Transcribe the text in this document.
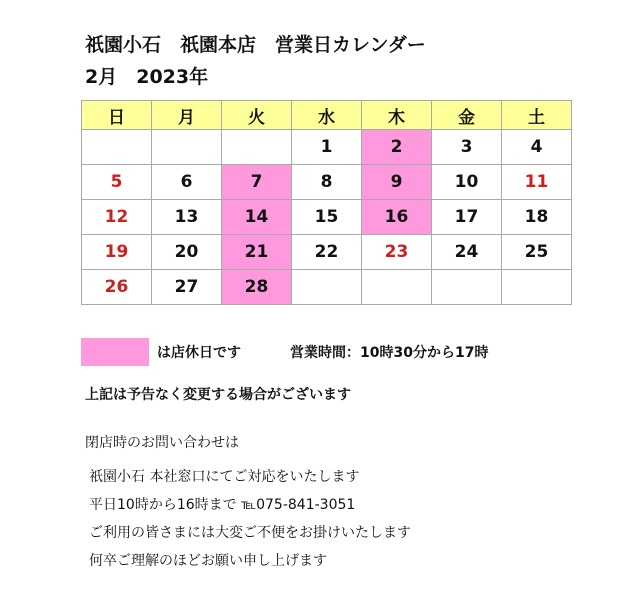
祇園小石　祇園本店　営業日カレンダー
2月　2023年
日	月	火	水	木	金	土
			1	2	3	4
5	6	7	8	9	10	11
12	13	14	15	16	17	18
19	20	21	22	23	24	25
26	27	28				
は店休日です	営業時間：10時30分から17時
上記は予告なく変更する場合がございます
閉店時のお問い合わせは
祇園小石 本社窓口にてご対応をいたします
平日10時から16時まで ℡075-841-3051
ご利用の皆さまには大変ご不便をお掛けいたします
何卒ご理解のほどお願い申し上げます
